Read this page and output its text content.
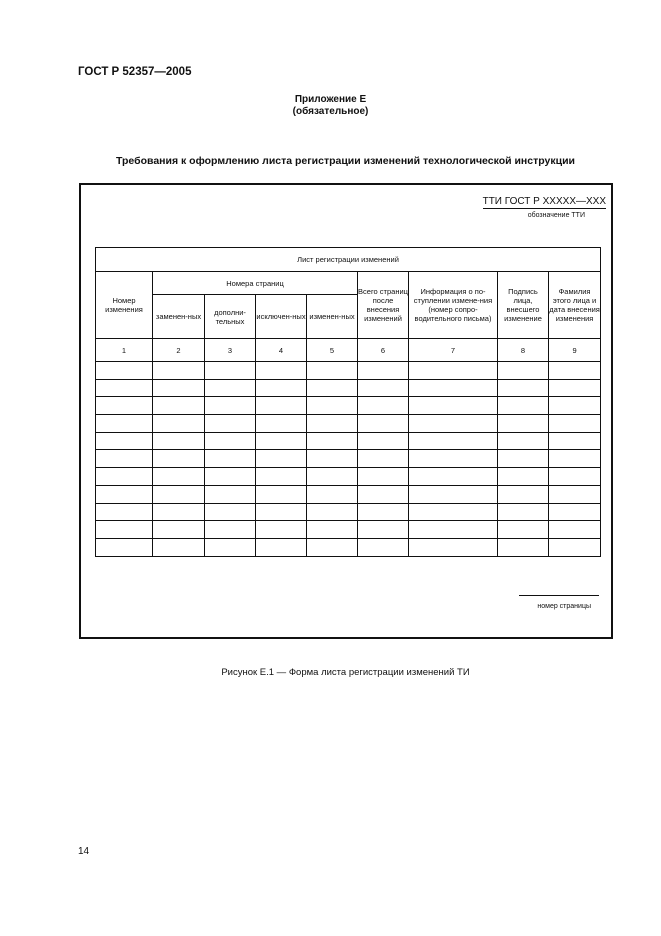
ГОСТ Р 52357—2005
Приложение Е
(обязательное)
Требования к оформлению листа регистрации изменений технологической инструкции
ТТИ ГОСТ Р ХХХХХ—ХХХ
обозначение ТТИ
Лист регистрации изменений								
Номер изменения	Номера страниц				Всего страниц после внесения изменений	Информация о по-ступлении измене-ния (номер сопро-водительного письма)	Подпись лица, внесшего изменение	Фамилия этого лица и дата внесения изменения
	заменен-ных	дополни-тельных	исключен-ных	изменен-ных				
1	2	3	4	5	6	7	8	9

номер страницы
Рисунок Е.1 — Форма листа регистрации изменений ТИ
14
